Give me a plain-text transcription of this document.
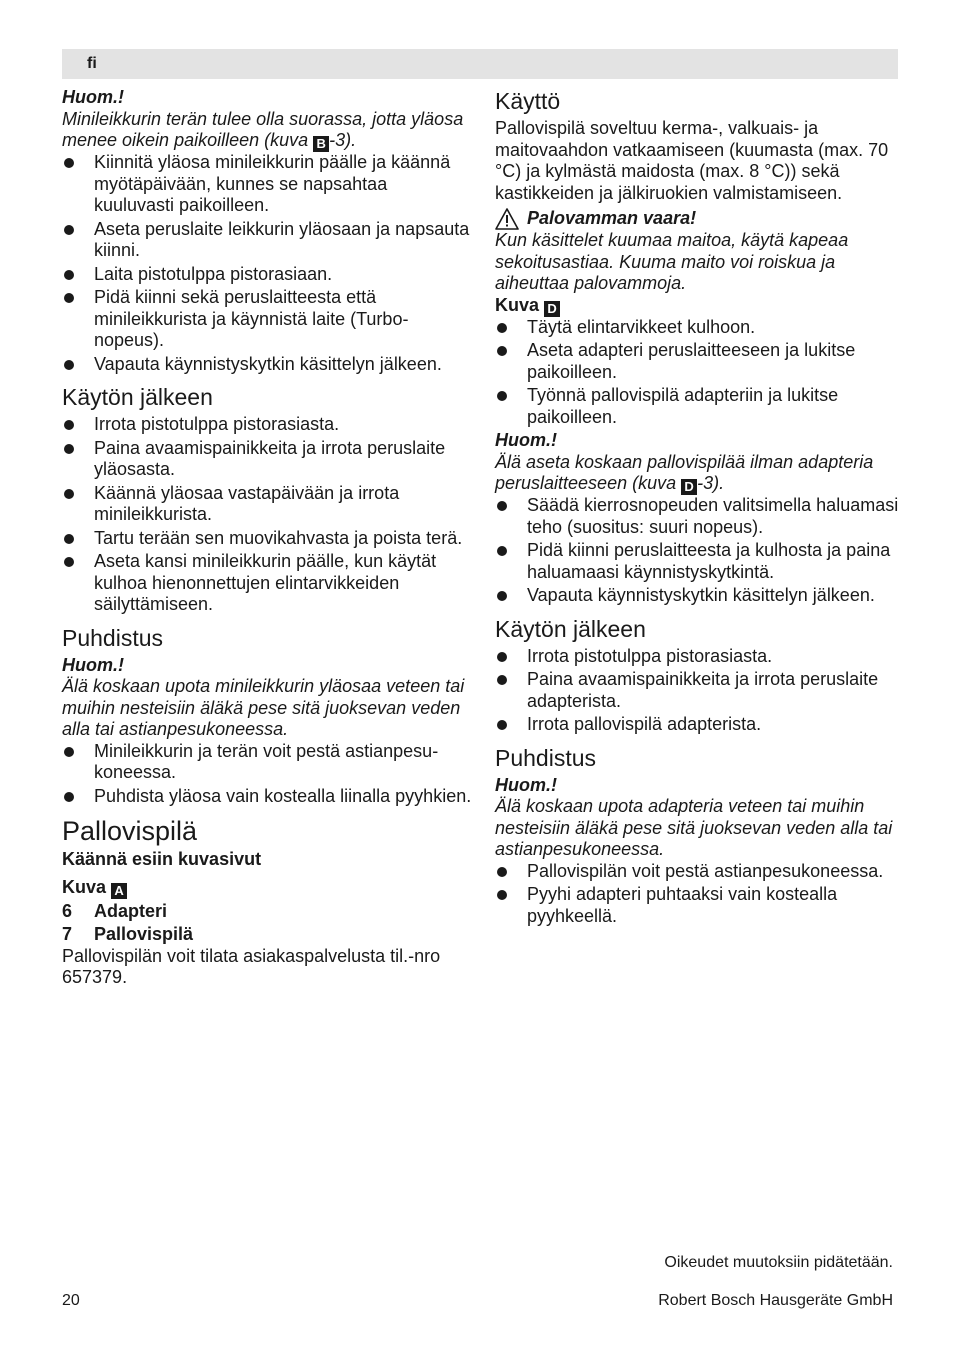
fi
Huom.!
Minileikkurin terän tulee olla suorassa, jotta yläosa menee oikein paikoilleen (kuva B -3).
Kiinnitä yläosa minileikkurin päälle ja käännä myötäpäivään, kunnes se napsahtaa kuuluvasti paikoilleen.
Aseta peruslaite leikkurin yläosaan ja napsauta kiinni.
Laita pistotulppa pistorasiaan.
Pidä kiinni sekä peruslaitteesta että minileikkurista ja käynnistä laite (Turbo-nopeus).
Vapauta käynnistyskytkin käsittelyn jälkeen.
Käytön jälkeen
Irrota pistotulppa pistorasiasta.
Paina avaamispainikkeita ja irrota peruslaite yläosasta.
Käännä yläosaa vastapäivään ja irrota minileikkurista.
Tartu terään sen muovikahvasta ja poista terä.
Aseta kansi minileikkurin päälle, kun käytät kulhoa hienonnettujen elintarvikkeiden säilyttämiseen.
Puhdistus
Huom.!
Älä koskaan upota minileikkurin yläosaa veteen tai muihin nesteisiin äläkä pese sitä juoksevan veden alla tai astianpesukoneessa.
Minileikkurin ja terän voit pestä astianpesukoneessa.
Puhdista yläosa vain kostealla liinalla pyyhkien.
Pallovispilä
Käännä esiin kuvasivut
Kuva A
6	Adapteri
7	Pallovispilä
Pallovispilän voit tilata asiakaspalvelusta til.-nro 657379.
Käyttö
Pallovispilä soveltuu kerma-, valkuais- ja maitovaahdon vatkaamiseen (kuumasta (max. 70 °C) ja kylmästä maidosta (max. 8 °C)) sekä kastikkeiden ja jälkiruokien valmistamiseen.
Palovamman vaara!
Kun käsittelet kuumaa maitoa, käytä kapeaa sekoitusastiaa. Kuuma maito voi roiskua ja aiheuttaa palovammoja.
Kuva D
Täytä elintarvikkeet kulhoon.
Aseta adapteri peruslaitteeseen ja lukitse paikoilleen.
Työnnä pallovispilä adapteriin ja lukitse paikoilleen.
Huom.!
Älä aseta koskaan pallovispilää ilman adapteria peruslaitteeseen (kuva D -3).
Säädä kierrosnopeuden valitsimella haluamasi teho (suositus: suuri nopeus).
Pidä kiinni peruslaitteesta ja kulhosta ja paina haluamaasi käynnistyskytkintä.
Vapauta käynnistyskytkin käsittelyn jälkeen.
Käytön jälkeen
Irrota pistotulppa pistorasiasta.
Paina avaamispainikkeita ja irrota peruslaite adapterista.
Irrota pallovispilä adapterista.
Puhdistus
Huom.!
Älä koskaan upota adapteria veteen tai muihin nesteisiin äläkä pese sitä juoksevan veden alla tai astianpesukoneessa.
Pallovispilän voit pestä astianpesukoneessa.
Pyyhi adapteri puhtaaksi vain kostealla pyyhkeellä.
Oikeudet muutoksiin pidätetään.
20	Robert Bosch Hausgeräte GmbH
